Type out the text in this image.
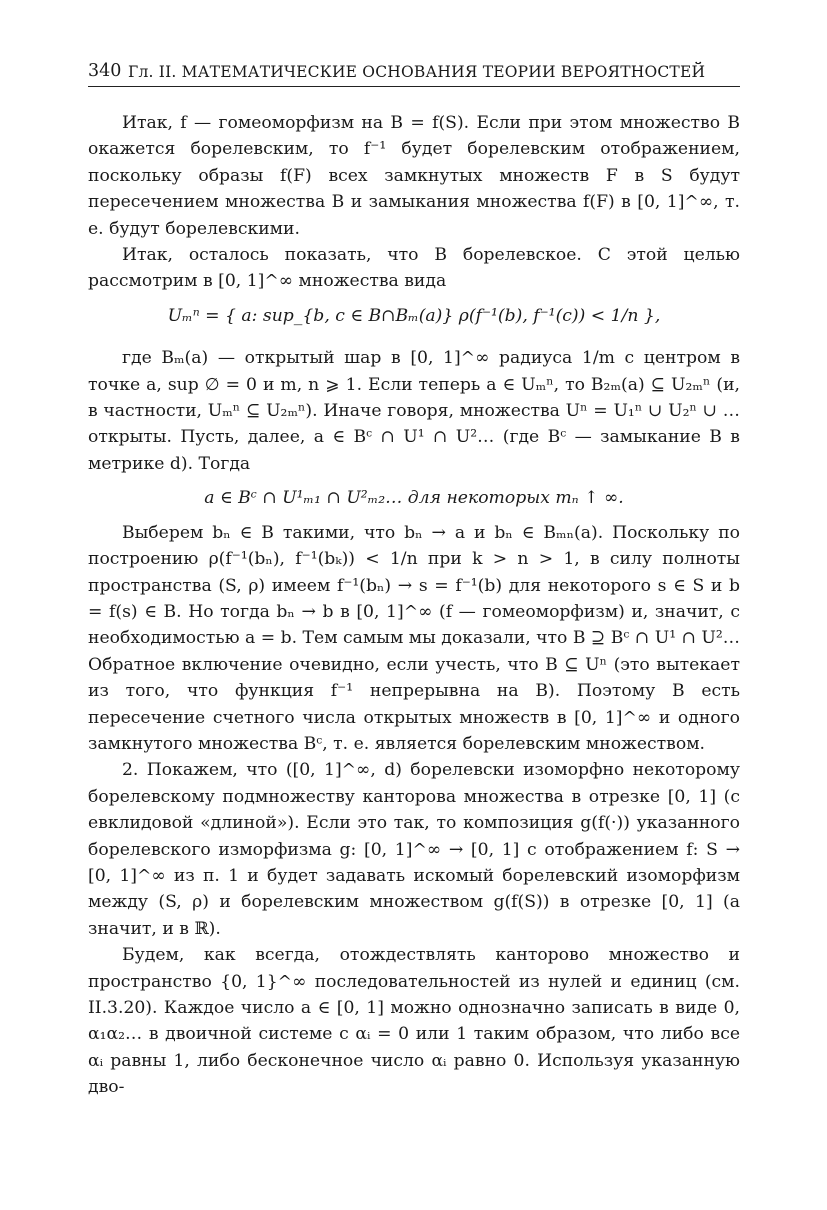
340 Гл. II. МАТЕМАТИЧЕСКИЕ ОСНОВАНИЯ ТЕОРИИ ВЕРОЯТНОСТЕЙ

Итак, f — гомеоморфизм на B = f(S). Если при этом множество B окажется борелевским, то f⁻¹ будет борелевским отображением, поскольку образы f(F) всех замкнутых множеств F в S будут пересечением множества B и замыкания множества f(F) в [0, 1]^∞, т. е. будут борелевскими.

Итак, осталось показать, что B борелевское. С этой целью рассмотрим в [0, 1]^∞ множества вида

Uₘⁿ = { a: sup_{b, c ∈ B∩Bₘ(a)} ρ(f⁻¹(b), f⁻¹(c)) < 1/n },

где Bₘ(a) — открытый шар в [0, 1]^∞ радиуса 1/m с центром в точке a, sup ∅ = 0 и m, n ⩾ 1. Если теперь a ∈ Uₘⁿ, то B₂ₘ(a) ⊆ U₂ₘⁿ (и, в частности, Uₘⁿ ⊆ U₂ₘⁿ). Иначе говоря, множества Uⁿ = U₁ⁿ ∪ U₂ⁿ ∪ … открыты. Пусть, далее, a ∈ Bᶜ ∩ U¹ ∩ U²… (где Bᶜ — замыкание B в метрике d). Тогда

a ∈ Bᶜ ∩ U¹ₘ₁ ∩ U²ₘ₂… для некоторых mₙ ↑ ∞.

Выберем bₙ ∈ B такими, что bₙ → a и bₙ ∈ Bₘₙ(a). Поскольку по построению ρ(f⁻¹(bₙ), f⁻¹(bₖ)) < 1/n при k > n > 1, в силу полноты пространства (S, ρ) имеем f⁻¹(bₙ) → s = f⁻¹(b) для некоторого s ∈ S и b = f(s) ∈ B. Но тогда bₙ → b в [0, 1]^∞ (f — гомеоморфизм) и, значит, с необходимостью a = b. Тем самым мы доказали, что B ⊇ Bᶜ ∩ U¹ ∩ U²… Обратное включение очевидно, если учесть, что B ⊆ Uⁿ (это вытекает из того, что функция f⁻¹ непрерывна на B). Поэтому B есть пересечение счетного числа открытых множеств в [0, 1]^∞ и одного замкнутого множества Bᶜ, т. е. является борелевским множеством.

2. Покажем, что ([0, 1]^∞, d) борелевски изоморфно некоторому борелевскому подмножеству канторова множества в отрезке [0, 1] (с евклидовой «длиной»). Если это так, то композиция g(f(·)) указанного борелевского изморфизма g: [0, 1]^∞ → [0, 1] с отображением f: S → [0, 1]^∞ из п. 1 и будет задавать искомый борелевский изоморфизм между (S, ρ) и борелевским множеством g(f(S)) в отрезке [0, 1] (а значит, и в ℝ).

Будем, как всегда, отождествлять канторово множество и пространство {0, 1}^∞ последовательностей из нулей и единиц (см. II.3.20). Каждое число a ∈ [0, 1] можно однозначно записать в виде 0, α₁α₂… в двоичной системе с αᵢ = 0 или 1 таким образом, что либо все αᵢ равны 1, либо бесконечное число αᵢ равно 0. Используя указанную дво-
